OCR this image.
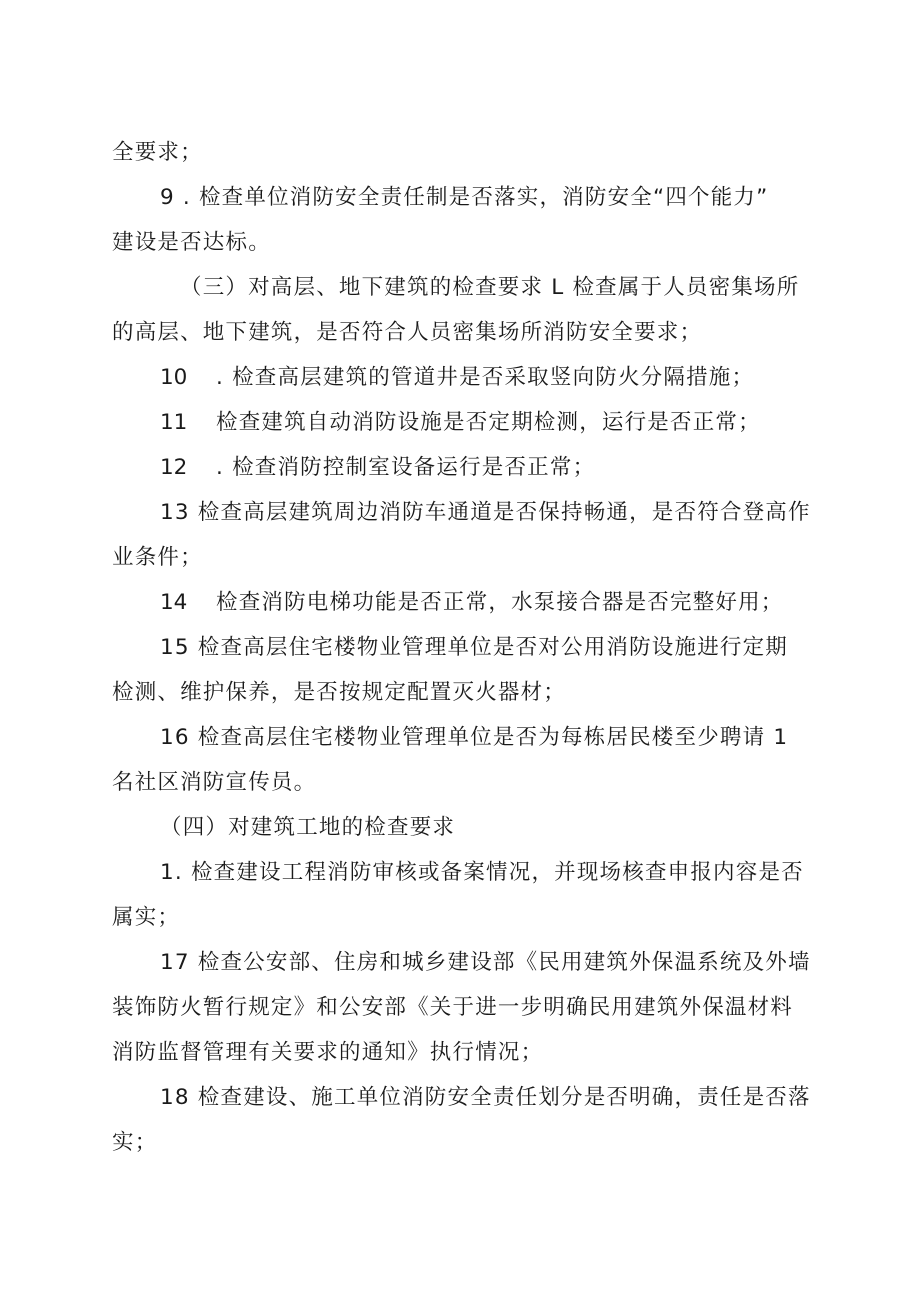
全要求；
9 . 检查单位消防安全责任制是否落实，消防安全“四个能力”
建设是否达标。
（三）对高层、地下建筑的检查要求 L 检查属于人员密集场所
的高层、地下建筑，是否符合人员密集场所消防安全要求；
10 . 检查高层建筑的管道井是否采取竖向防火分隔措施；
11 检查建筑自动消防设施是否定期检测，运行是否正常；
12 . 检查消防控制室设备运行是否正常；
13 检查高层建筑周边消防车通道是否保持畅通，是否符合登高作
业条件；
14 检查消防电梯功能是否正常，水泵接合器是否完整好用；
15 检查高层住宅楼物业管理单位是否对公用消防设施进行定期
检测、维护保养，是否按规定配置灭火器材；
16 检查高层住宅楼物业管理单位是否为每栋居民楼至少聘请 1
名社区消防宣传员。
（四）对建筑工地的检查要求
1. 检查建设工程消防审核或备案情况，并现场核查申报内容是否
属实；
17 检查公安部、住房和城乡建设部《民用建筑外保温系统及外墙
装饰防火暂行规定》和公安部《关于进一步明确民用建筑外保温材料
消防监督管理有关要求的通知》执行情况；
18 检查建设、施工单位消防安全责任划分是否明确，责任是否落
实；
